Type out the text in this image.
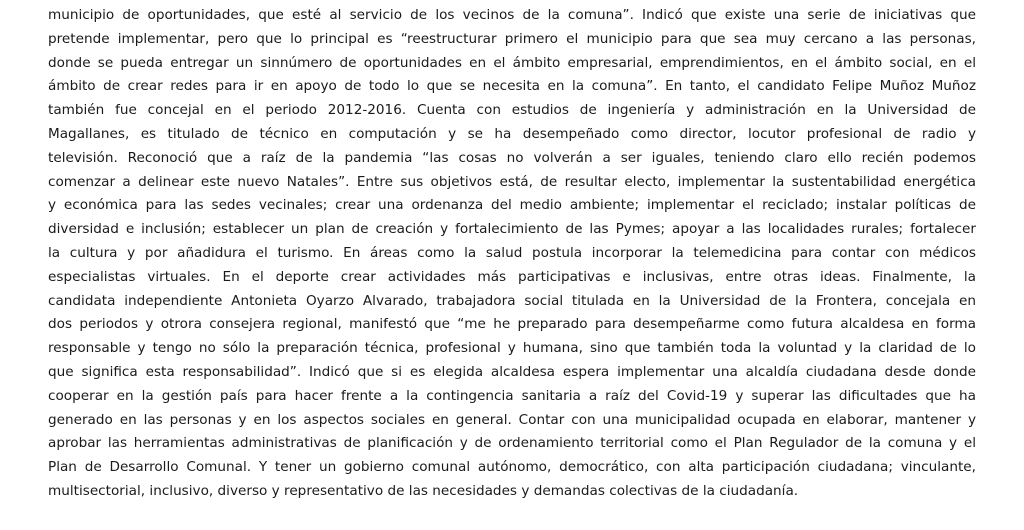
municipio de oportunidades, que esté al servicio de los vecinos de la comuna”. Indicó que existe una serie de iniciativas que
pretende implementar, pero que lo principal es “reestructurar primero el municipio para que sea muy cercano a las personas,
donde se pueda entregar un sinnúmero de oportunidades en el ámbito empresarial, emprendimientos, en el ámbito social, en el
ámbito de crear redes para ir en apoyo de todo lo que se necesita en la comuna”. En tanto, el candidato Felipe Muñoz Muñoz
también fue concejal en el periodo 2012-2016. Cuenta con estudios de ingeniería y administración en la Universidad de
Magallanes, es titulado de técnico en computación y se ha desempeñado como director, locutor profesional de radio y
televisión. Reconoció que a raíz de la pandemia “las cosas no volverán a ser iguales, teniendo claro ello recién podemos
comenzar a delinear este nuevo Natales”. Entre sus objetivos está, de resultar electo, implementar la sustentabilidad energética
y económica para las sedes vecinales; crear una ordenanza del medio ambiente; implementar el reciclado; instalar políticas de
diversidad e inclusión; establecer un plan de creación y fortalecimiento de las Pymes; apoyar a las localidades rurales; fortalecer
la cultura y por añadidura el turismo. En áreas como la salud postula incorporar la telemedicina para contar con médicos
especialistas virtuales. En el deporte crear actividades más participativas e inclusivas, entre otras ideas. Finalmente, la
candidata independiente Antonieta Oyarzo Alvarado, trabajadora social titulada en la Universidad de la Frontera, concejala en
dos periodos y otrora consejera regional, manifestó que “me he preparado para desempeñarme como futura alcaldesa en forma
responsable y tengo no sólo la preparación técnica, profesional y humana, sino que también toda la voluntad y la claridad de lo
que significa esta responsabilidad”. Indicó que si es elegida alcaldesa espera implementar una alcaldía ciudadana desde donde
cooperar en la gestión país para hacer frente a la contingencia sanitaria a raíz del Covid-19 y superar las dificultades que ha
generado en las personas y en los aspectos sociales en general. Contar con una municipalidad ocupada en elaborar, mantener y
aprobar las herramientas administrativas de planificación y de ordenamiento territorial como el Plan Regulador de la comuna y el
Plan de Desarrollo Comunal. Y tener un gobierno comunal autónomo, democrático, con alta participación ciudadana; vinculante,
multisectorial, inclusivo, diverso y representativo de las necesidades y demandas colectivas de la ciudadanía.
